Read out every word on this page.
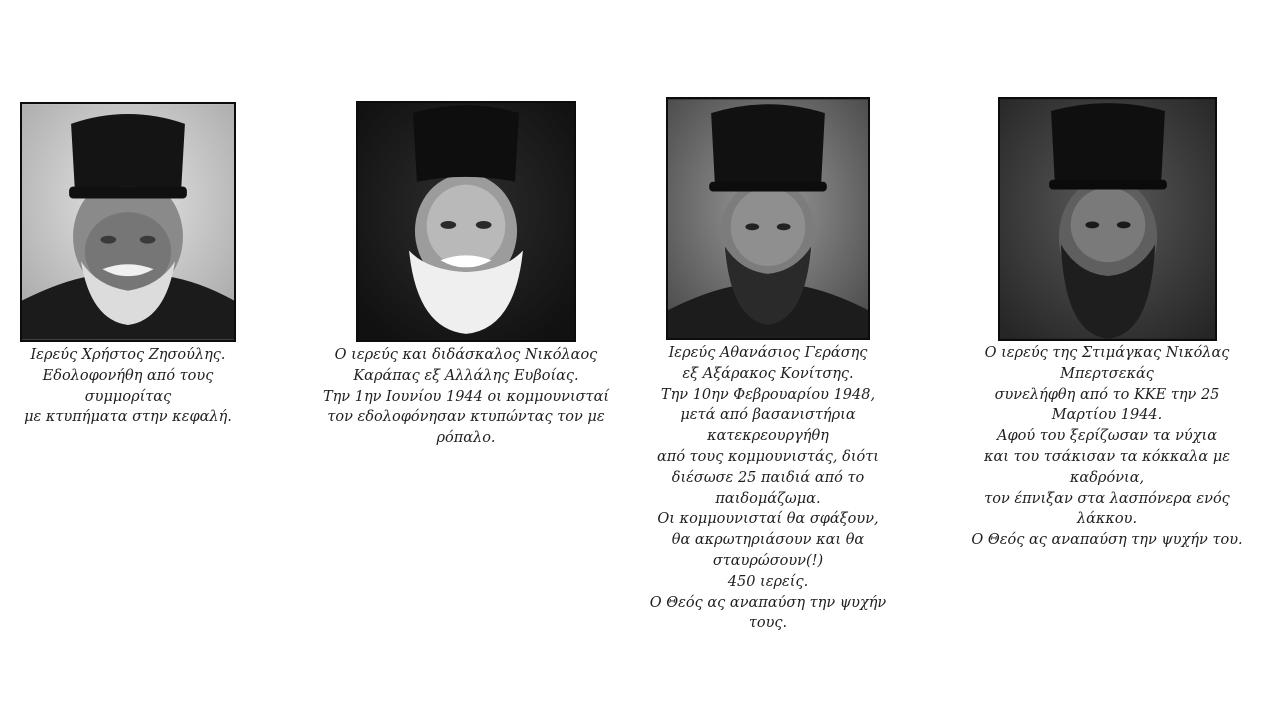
Ιερεύς Χρήστος Ζησούλης.
Εδολοφονήθη από τους
συμμορίτας
με κτυπήματα στην κεφαλή.
Ο ιερεύς και διδάσκαλος Νικόλαος
Καράπας εξ Αλλάλης Ευβοίας.
Την 1ην Ιουνίου 1944 οι κομμουνισταί
τον εδολοφόνησαν κτυπώντας τον με
ρόπαλο.
Ιερεύς Αθανάσιος Γεράσης
εξ Αξάρακος Κονίτσης.
Την 10ην Φεβρουαρίου 1948,
μετά από βασανιστήρια
κατεκρεουργήθη
από τους κομμουνιστάς, διότι
διέσωσε 25 παιδιά από το
παιδομάζωμα.
Οι κομμουνισταί θα σφάξουν,
θα ακρωτηριάσουν και θα
σταυρώσουν(!)
450 ιερείς.
Ο Θεός ας αναπαύση την ψυχήν
τους.
Ο ιερεύς της Στιμάγκας Νικόλας
Μπερτσεκάς
συνελήφθη από το ΚΚΕ την 25
Μαρτίου 1944.
Αφού του ξερίζωσαν τα νύχια
και του τσάκισαν τα κόκκαλα με
καδρόνια,
τον έπνιξαν στα λασπόνερα ενός
λάκκου.
Ο Θεός ας αναπαύση την ψυχήν του.
